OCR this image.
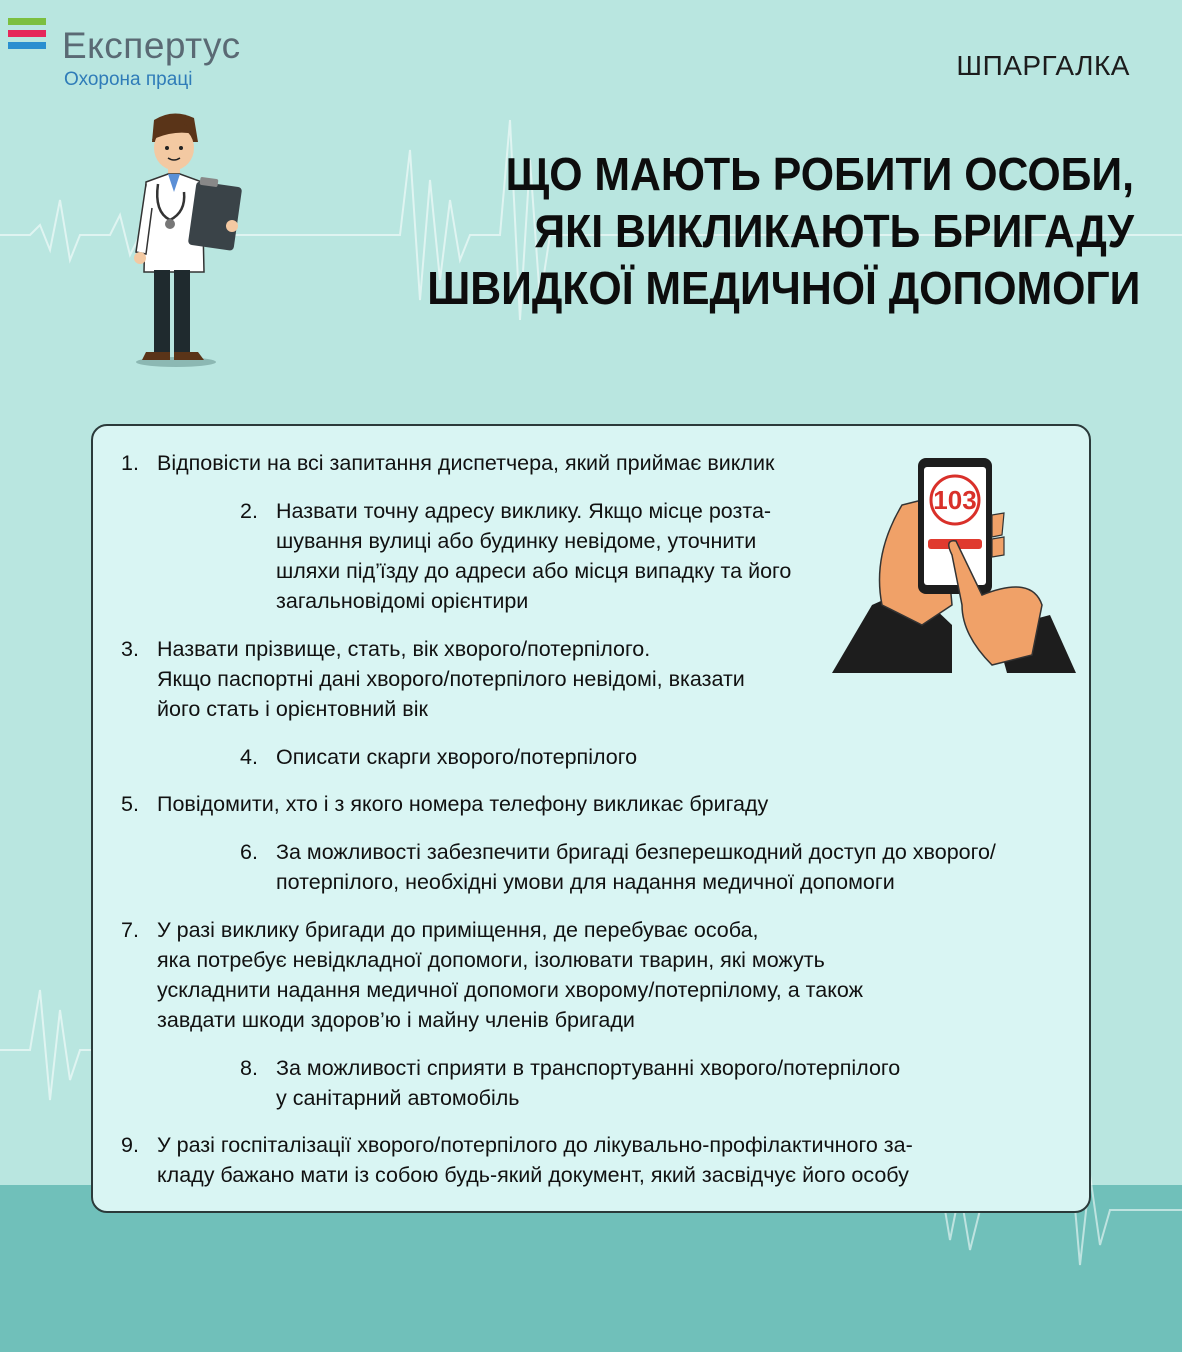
Експертус
Охорона праці	ШПАРГАЛКА
ЩО МАЮТЬ РОБИТИ ОСОБИ,
ЯКІ ВИКЛИКАЮТЬ БРИГАДУ
ШВИДКОЇ МЕДИЧНОЇ ДОПОМОГИ
103
1. Відповісти на всі запитання диспетчера, який приймає виклик
2. Назвати точну адресу виклику. Якщо місце розта-
шування вулиці або будинку невідоме, уточнити
шляхи під’їзду до адреси або місця випадку та його
загальновідомі орієнтири
3. Назвати прізвище, стать, вік хворого/потерпілого.
Якщо паспортні дані хворого/потерпілого невідомі, вказати
його стать і орієнтовний вік
4. Описати скарги хворого/потерпілого
5. Повідомити, хто і з якого номера телефону викликає бригаду
6. За можливості забезпечити бригаді безперешкодний доступ до хворого/
потерпілого, необхідні умови для надання медичної допомоги
7. У разі виклику бригади до приміщення, де перебуває особа,
яка потребує невідкладної допомоги, ізолювати тварин, які можуть
ускладнити надання медичної допомоги хворому/потерпілому, а також
завдати шкоди здоров’ю і майну членів бригади
8. За можливості сприяти в транспортуванні хворого/потерпілого
у санітарний автомобіль
9. У разі госпіталізації хворого/потерпілого до лікувально-профілактичного за-
кладу бажано мати із собою будь-який документ, який засвідчує його особу
